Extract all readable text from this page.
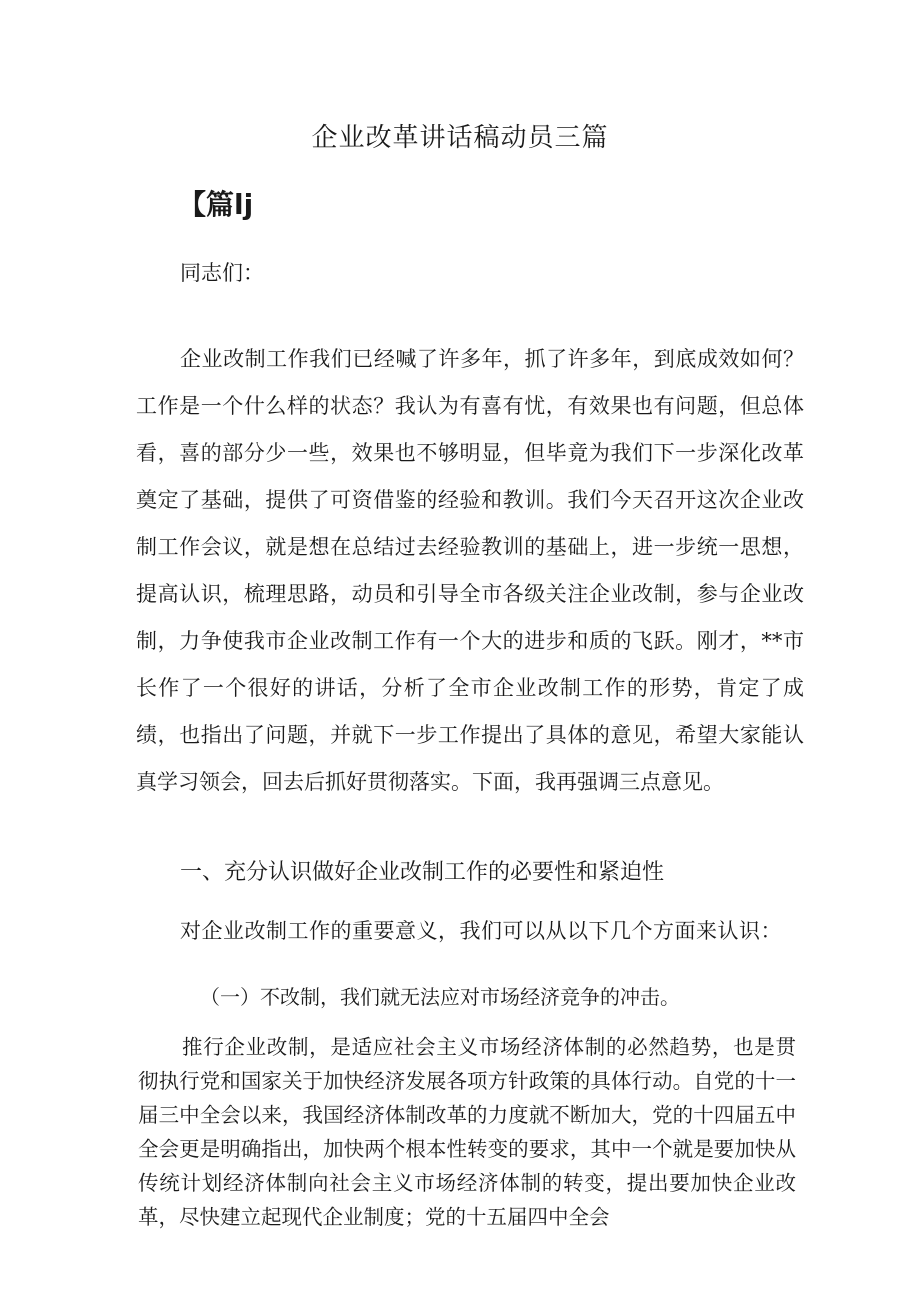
企业改革讲话稿动员三篇
【篇lj
同志们：

企业改制工作我们已经喊了许多年，抓了许多年，到底成效如何？工作是一个什么样的状态？我认为有喜有忧，有效果也有问题，但总体看，喜的部分少一些，效果也不够明显，但毕竟为我们下一步深化改革奠定了基础，提供了可资借鉴的经验和教训。我们今天召开这次企业改制工作会议，就是想在总结过去经验教训的基础上，进一步统一思想，提高认识，梳理思路，动员和引导全市各级关注企业改制，参与企业改制，力争使我市企业改制工作有一个大的进步和质的飞跃。刚才，**市长作了一个很好的讲话，分析了全市企业改制工作的形势，肯定了成绩，也指出了问题，并就下一步工作提出了具体的意见，希望大家能认真学习领会，回去后抓好贯彻落实。下面，我再强调三点意见。

一、充分认识做好企业改制工作的必要性和紧迫性
对企业改制工作的重要意义，我们可以从以下几个方面来认识：
（一）不改制，我们就无法应对市场经济竞争的冲击。

推行企业改制，是适应社会主义市场经济体制的必然趋势，也是贯彻执行党和国家关于加快经济发展各项方针政策的具体行动。自党的十一届三中全会以来，我国经济体制改革的力度就不断加大，党的十四届五中全会更是明确指出，加快两个根本性转变的要求，其中一个就是要加快从传统计划经济体制向社会主义市场经济体制的转变，提出要加快企业改革，尽快建立起现代企业制度；党的十五届四中全会
